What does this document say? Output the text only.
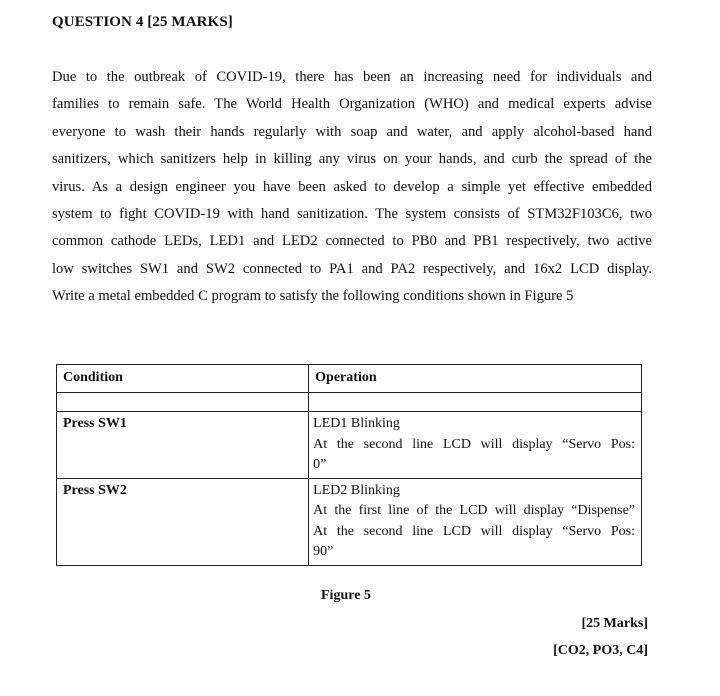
QUESTION 4 [25 MARKS]
Due to the outbreak of COVID-19, there has been an increasing need for individuals and
families to remain safe. The World Health Organization (WHO) and medical experts advise
everyone to wash their hands regularly with soap and water, and apply alcohol-based hand
sanitizers, which sanitizers help in killing any virus on your hands, and curb the spread of the
virus. As a design engineer you have been asked to develop a simple yet effective embedded
system to fight COVID-19 with hand sanitization. The system consists of STM32F103C6, two
common cathode LEDs, LED1 and LED2 connected to PB0 and PB1 respectively, two active
low switches SW1 and SW2 connected to PA1 and PA2 respectively, and 16x2 LCD display.
Write a metal embedded C program to satisfy the following conditions shown in Figure 5
Condition	Operation

Press SW1	LED1 Blinking
At the second line LCD will display “Servo Pos:
0”

Press SW2	LED2 Blinking
At the first line of the LCD will display “Dispense”
At the second line LCD will display “Servo Pos:
90”
Figure 5
[25 Marks]
[CO2, PO3, C4]
